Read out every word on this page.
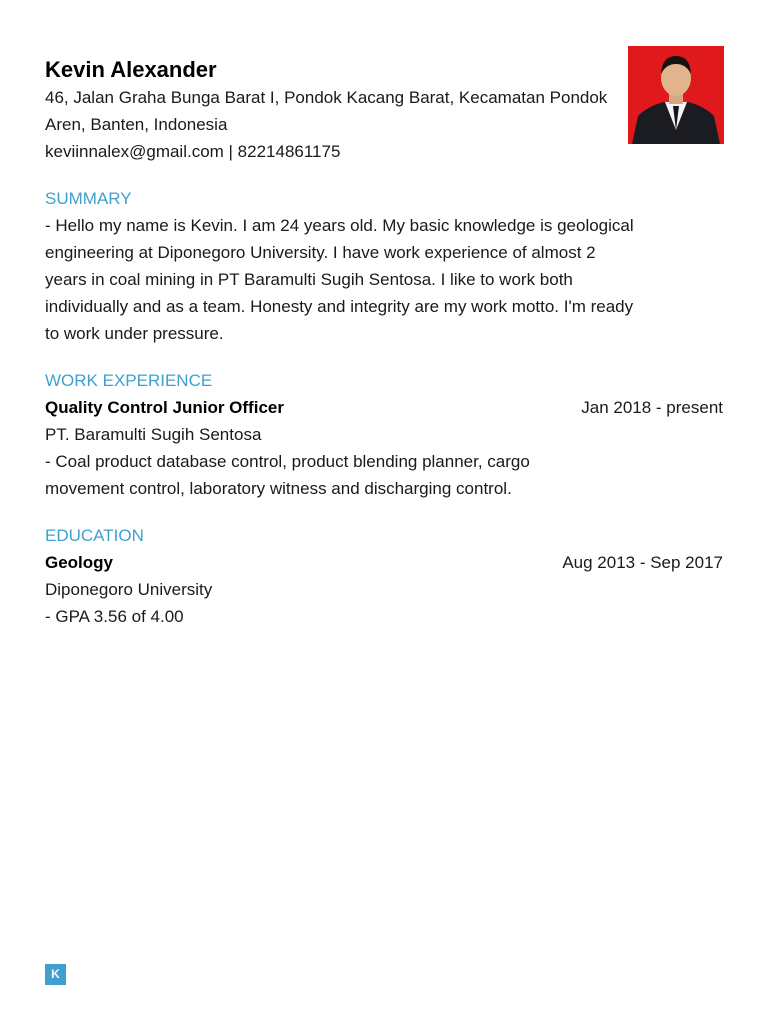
Kevin Alexander
46, Jalan Graha Bunga Barat I, Pondok Kacang Barat, Kecamatan Pondok Aren, Banten, Indonesia
keviinnalex@gmail.com | 82214861175
SUMMARY
- Hello my name is Kevin. I am 24 years old. My basic knowledge is geological engineering at Diponegoro University. I have work experience of almost 2 years in coal mining in PT Baramulti Sugih Sentosa. I like to work both individually and as a team. Honesty and integrity are my work motto. I'm ready to work under pressure.
WORK EXPERIENCE
Quality Control Junior Officer	Jan 2018 - present
PT. Baramulti Sugih Sentosa
- Coal product database control, product blending planner, cargo movement control, laboratory witness and discharging control.
EDUCATION
Geology	Aug 2013 - Sep 2017
Diponegoro University
- GPA 3.56 of 4.00
K
